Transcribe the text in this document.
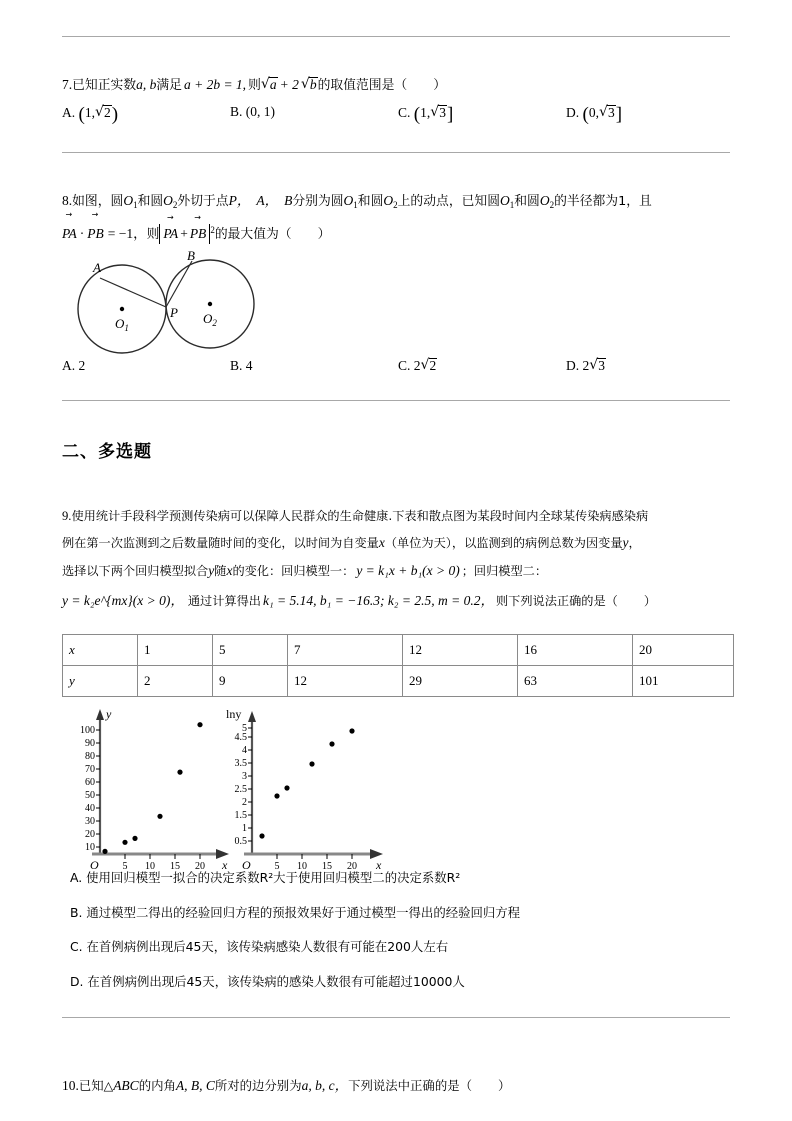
7.已知正实数a, b满足 a + 2b = 1, 则 √ a + 2 √ b的取值范围是（ ）
A. (1, √ 2)	B. (0, 1)	C. (1, √ 3]	D. (0, √ 3]
8.如图，圆$O_1$和圆$O_2$外切于点P， A， B分别为圆$O_1$和圆$O_2$上的动点，已知圆$O_1$和圆$O_2$的半径都为1，且
PA → · PB → = −1，则 PA → + PB → $^2$的最大值为（ ）
A
B
P
$O_1$
$O_2$
A. 2	B. 4	C. 2 √ 2	D. 2 √ 3
二、多选题
9.使用统计手段科学预测传染病可以保障人民群众的生命健康.下表和散点图为某段时间内全球某传染病感染病
例在第一次监测到之后数量随时间的变化，以时间为自变量x（单位为天），以监测到的病例总数为因变量y，
选择以下两个回归模型拟合y随x的变化：回归模型一： y = k₁x + b₁(x > 0) ；回归模型二：
y = k₂e^{mx}(x > 0)， 通过计算得出 k₁ = 5.14, b₁ = −16.3; k₂ = 2.5, m = 0.2， 则下列说法正确的是（ ）
x	1	5	7	12	16	20
y	2	9	12	29	63	101
10
20
30
40
50
60
70
80
90
100
5 10 15 20
O	x
y
0.5
1
1.5
2
2.5
3
3.5
4
4.5
5
5 10 15 20
O	x
lny
A. 使用回归模型一拟合的决定系数R²大于使用回归模型二的决定系数R²
B. 通过模型二得出的经验回归方程的预报效果好于通过模型一得出的经验回归方程
C. 在首例病例出现后45天，该传染病感染人数很有可能在200人左右
D. 在首例病例出现后45天，该传染病的感染人数很有可能超过10000人
10.已知△ABC的内角A, B, C所对的边分别为a, b, c，下列说法中正确的是（ ）
